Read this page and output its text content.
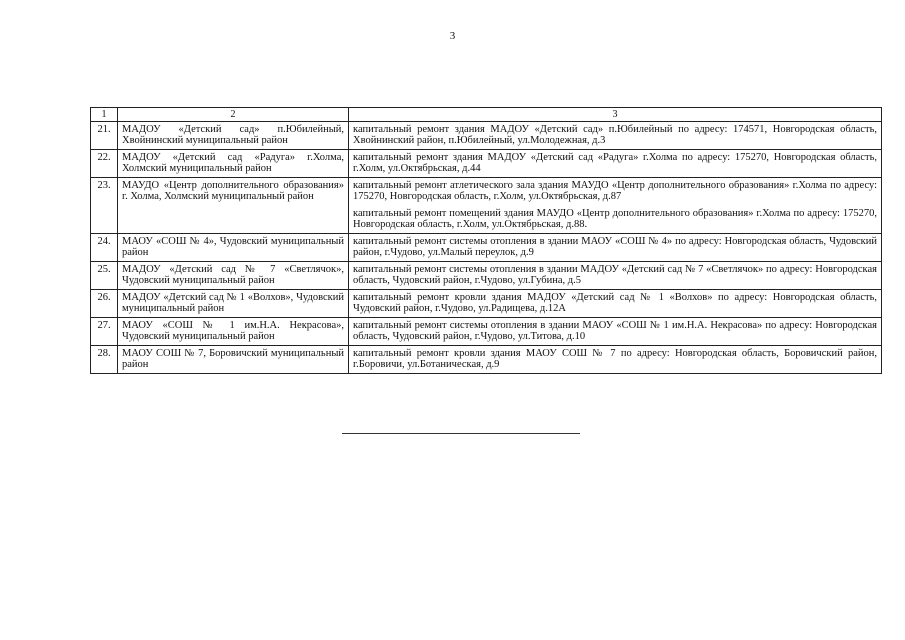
3
1	2	3
21.	МАДОУ «Детский сад» п.Юбилейный, Хвойнинский муниципальный район	капитальный ремонт здания МАДОУ «Детский сад» п.Юбилейный по адресу: 174571, Новгородская область, Хвойнинский район, п.Юбилейный, ул.Молодежная, д.3

22.	МАДОУ «Детский сад «Радуга» г.Холма, Холмский муниципальный район	капитальный ремонт здания МАДОУ «Детский сад «Радуга» г.Холма по адресу: 175270, Новгородская область, г.Холм, ул.Октябрьская, д.44

23.	МАУДО «Центр дополнительного образования» г. Холма, Холмский муниципальный район	капитальный ремонт атлетического зала здания МАУДО «Центр дополнительного образования» г.Холма по адресу: 175270, Новгородская область, г.Холм, ул.Октябрьская, д.87
капитальный ремонт помещений здания МАУДО «Центр дополнительного образования» г.Холма по адресу: 175270, Новгородская область, г.Холм, ул.Октябрьская, д.88.

24.	МАОУ «СОШ № 4», Чудовский муниципальный район	капитальный ремонт системы отопления в здании МАОУ «СОШ № 4» по адресу: Новгородская область, Чудовский район, г.Чудово, ул.Малый переулок, д.9

25.	МАДОУ «Детский сад № 7 «Светлячок», Чудовский муниципальный район	капитальный ремонт системы отопления в здании МАДОУ «Детский сад № 7 «Светлячок» по адресу: Новгородская область, Чудовский район, г.Чудово, ул.Губина, д.5

26.	МАДОУ «Детский сад № 1 «Волхов», Чудовский муниципальный район	капитальный ремонт кровли здания МАДОУ «Детский сад № 1 «Волхов» по адресу: Новгородская область, Чудовский район, г.Чудово, ул.Радищева, д.12А

27.	МАОУ «СОШ № 1 им.Н.А. Некрасова», Чудовский муниципальный район	капитальный ремонт системы отопления в здании МАОУ «СОШ № 1 им.Н.А. Некрасова» по адресу: Новгородская область, Чудовский район, г.Чудово, ул.Титова, д.10

28.	МАОУ СОШ № 7, Боровичский муниципальный район	капитальный ремонт кровли здания МАОУ СОШ № 7 по адресу: Новгородская область, Боровичский район, г.Боровичи, ул.Ботаническая, д.9
